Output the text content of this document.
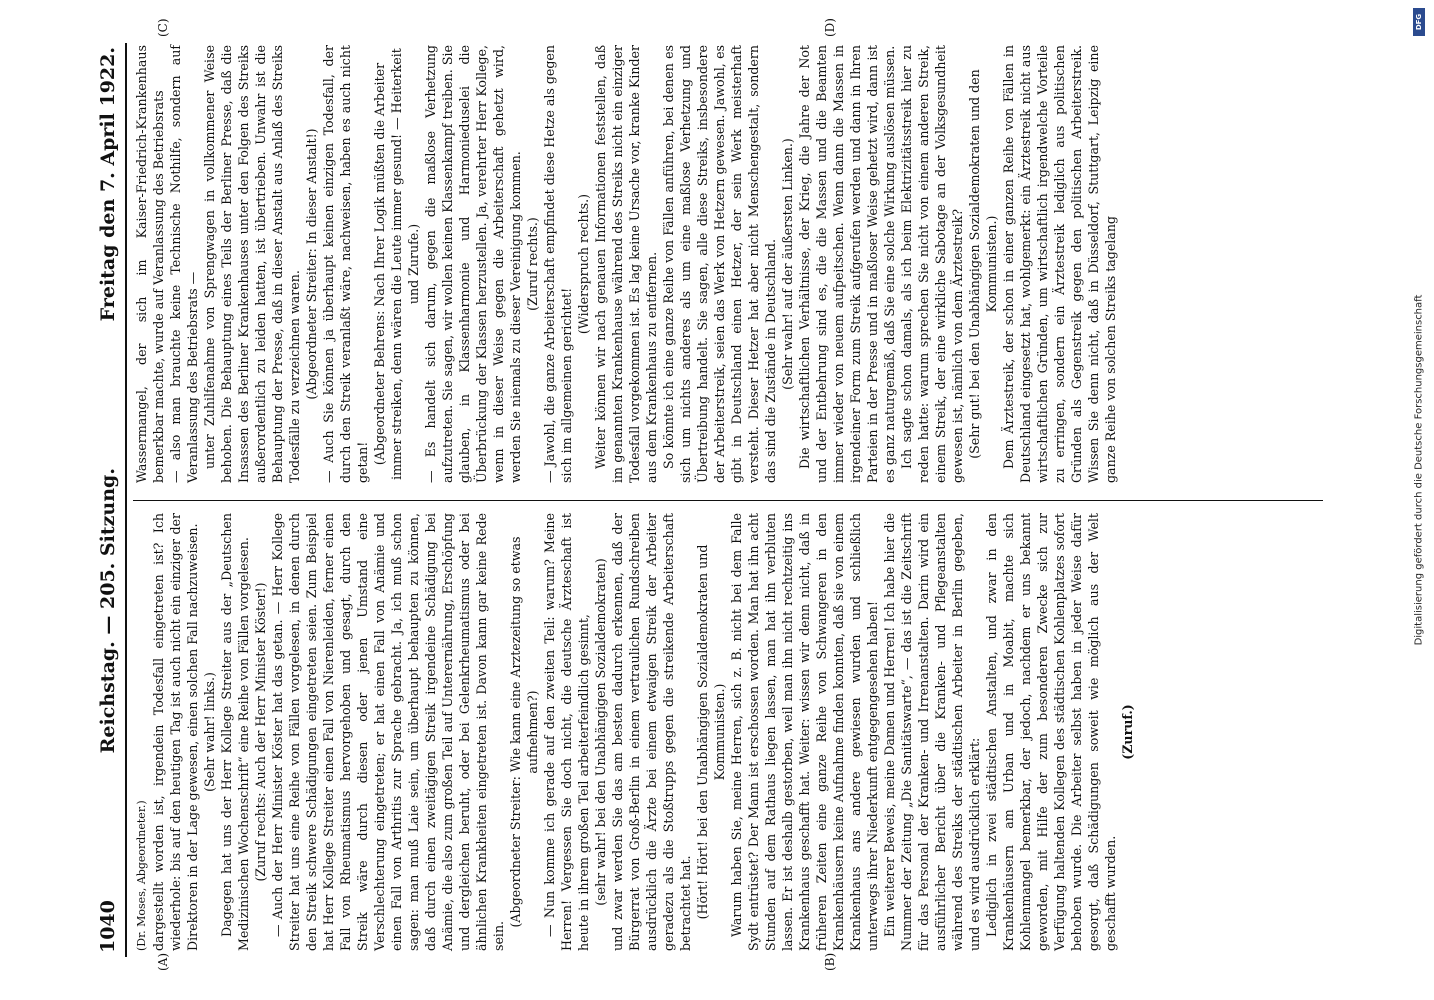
1040
Reichstag. — 205. Sitzung.
Freitag den 7. April 1922.
(A)	(B)
(C)	(D)
(Dr. Moses, Abgeordneter.) dargestellt worden ist, irgendein Todesfall eingetreten ist? Ich wiederhole: bis auf den heutigen Tag ist auch nicht ein einziger der Direktoren in der Lage gewesen, einen solchen Fall nachzuweisen. (Sehr wahr! links.) Dagegen hat uns der Herr Kollege Streiter aus der „Deutschen Medizinischen Wochenschrift“ eine Reihe von Fällen vorgelesen. (Zuruf rechts: Auch der Herr Minister Köster!) — Auch der Herr Minister Köster hat das getan. — Herr Kollege Streiter hat uns eine Reihe von Fällen vorgelesen, in denen durch den Streik schwere Schädigungen eingetreten seien. Zum Beispiel hat Herr Kollege Streiter einen Fall von Nierenleiden, ferner einen Fall von Rheumatismus hervorgehoben und gesagt, durch den Streik wäre durch diesen oder jenen Umstand eine Verschlechterung eingetreten; er hat einen Fall von Anämie und einen Fall von Arthritis zur Sprache gebracht. Ja, ich muß schon sagen: man muß Laie sein, um überhaupt behaupten zu können, daß durch einen zweitägigen Streik irgendeine Schädigung bei Anämie, die also zum großen Teil auf Unterernährung, Erschöpfung und dergleichen beruht, oder bei Gelenkrheumatismus oder bei ähnlichen Krankheiten eingetreten ist. Davon kann gar keine Rede sein.
(Abgeordneter Streiter: Wie kann eine Arztezeitung so etwas aufnehmen?) — Nun komme ich gerade auf den zweiten Teil: warum? Meine Herren! Vergessen Sie doch nicht, die deutsche Ärzteschaft ist heute in ihrem großen Teil arbeiterfeindlich gesinnt, (sehr wahr! bei den Unabhängigen Sozialdemokraten) und zwar werden Sie das am besten dadurch erkennen, daß der Bürgerrat von Groß-Berlin in einem vertraulichen Rundschreiben ausdrücklich die Ärzte bei einem etwaigen Streik der Arbeiter geradezu als die Stoßtrupps gegen die streikende Arbeiterschaft betrachtet hat. (Hört! Hört! bei den Unabhängigen Sozialdemokraten und Kommunisten.) Warum haben Sie, meine Herren, sich z. B. nicht bei dem Falle Sydt entrüstet? Der Mann ist erschossen worden. Man hat ihn acht Stunden auf dem Rathaus liegen lassen, man hat ihn verbluten lassen. Er ist deshalb gestorben, weil man ihn nicht rechtzeitig ins Krankenhaus geschafft hat. Weiter: wissen wir denn nicht, daß in früheren Zeiten eine ganze Reihe von Schwangeren in den Krankenhäusern keine Aufnahme finden konnten, daß sie von einem Krankenhaus ans andere gewiesen wurden und schließlich unterwegs ihrer Niederkunft entgegengesehen haben! Ein weiterer Beweis, meine Damen und Herren! Ich habe hier die Nummer der Zeitung „Die Sanitätswarte“, — das ist die Zeitschrift für das Personal der Kranken- und Irrenanstalten. Darin wird ein ausführlicher Bericht über die Kranken- und Pflegeanstalten während des Streiks der städtischen Arbeiter in Berlin gegeben, und es wird ausdrücklich erklärt: Lediglich in zwei städtischen Anstalten, und zwar in den Krankenhäusern am Urban und in Moabit, machte sich Kohlenmangel bemerkbar, der jedoch, nachdem er uns bekannt geworden, mit Hilfe der zum besonderen Zwecke sich zur Verfügung haltenden Kollegen des städtischen Kohlenplatzes sofort behoben wurde. Die Arbeiter selbst haben in jeder Weise dafür gesorgt, daß Schädigungen soweit wie möglich aus der Welt geschafft wurden.
(Zuruf.)
Wassermangel, der sich im Kaiser-Friedrich-Krankenhaus bemerkbar machte, wurde auf Veranlassung des Betriebsrats — also man brauchte keine Technische Nothilfe, sondern auf Veranlassung des Betriebsrats — unter Zuhilfenahme von Sprengwagen in vollkommener Weise behoben. Die Behauptung eines Teils der Berliner Presse, daß die Insassen des Berliner Krankenhauses unter den Folgen des Streiks außerordentlich zu leiden hatten, ist übertrieben. Unwahr ist die Behauptung der Presse, daß in dieser Anstalt aus Anlaß des Streiks Todesfälle zu verzeichnen waren. (Abgeordneter Streiter: In dieser Anstalt!) — Auch Sie können ja überhaupt keinen einzigen Todesfall, der durch den Streik veranlaßt wäre, nachweisen, haben es auch nicht getan! (Abgeordneter Behrens: Nach Ihrer Logik müßten die Arbeiter immer streiken, denn wären die Leute immer gesund! — Heiterkeit und Zurufe.) — Es handelt sich darum, gegen die maßlose Verhetzung aufzutreten. Sie sagen, wir wollen keinen Klassenkampf treiben. Sie glauben, in Klassenharmonie und Harmonieduselei die Überbrückung der Klassen herzustellen. Ja, verehrter Herr Kollege, wenn in dieser Weise gegen die Arbeiterschaft gehetzt wird, werden Sie niemals zu dieser Vereinigung kommen. (Zuruf rechts.) — Jawohl, die ganze Arbeiterschaft empfindet diese Hetze als gegen sich im allgemeinen gerichtet!
(Widerspruch rechts.) Weiter können wir nach genauen Informationen feststellen, daß im genannten Krankenhause während des Streiks nicht ein einziger Todesfall vorgekommen ist. Es lag keine Ursache vor, kranke Kinder aus dem Krankenhaus zu entfernen. So könnte ich eine ganze Reihe von Fällen anführen, bei denen es sich um nichts anderes als um eine maßlose Verhetzung und Übertreibung handelt. Sie sagen, alle diese Streiks, insbesondere der Arbeiterstreik, seien das Werk von Hetzern gewesen. Jawohl, es gibt in Deutschland einen Hetzer, der sein Werk meisterhaft versteht. Dieser Hetzer hat aber nicht Menschengestalt, sondern das sind die Zustände in Deutschland. (Sehr wahr! auf der äußersten Linken.) Die wirtschaftlichen Verhältnisse, der Krieg, die Jahre der Not und der Entbehrung sind es, die die Massen und die Beamten immer wieder von neuem aufpeitschen. Wenn dann die Massen in irgendeiner Form zum Streik aufgerufen werden und dann in Ihren Parteien in der Presse und in maßloser Weise gehetzt wird, dann ist es ganz naturgemäß, daß Sie eine solche Wirkung auslösen müssen. Ich sagte schon damals, als ich beim Elektrizitätsstreik hier zu reden hatte: warum sprechen Sie nicht von einem anderen Streik, einem Streik, der eine wirkliche Sabotage an der Volksgesundheit gewesen ist, nämlich von dem Ärztestreik? (Sehr gut! bei den Unabhängigen Sozialdemokraten und den Kommunisten.) Dem Ärztestreik, der schon in einer ganzen Reihe von Fällen in Deutschland eingesetzt hat, wohlgemerkt: ein Ärztestreik nicht aus wirtschaftlichen Gründen, um wirtschaftlich irgendwelche Vorteile zu erringen, sondern ein Ärztestreik lediglich aus politischen Gründen als Gegenstreik gegen den politischen Arbeiterstreik. Wissen Sie denn nicht, daß in Düsseldorf, Stuttgart, Leipzig eine ganze Reihe von solchen Streiks tagelang
DFG
Digitalisierung gefördert durch die Deutsche Forschungsgemeinschaft
